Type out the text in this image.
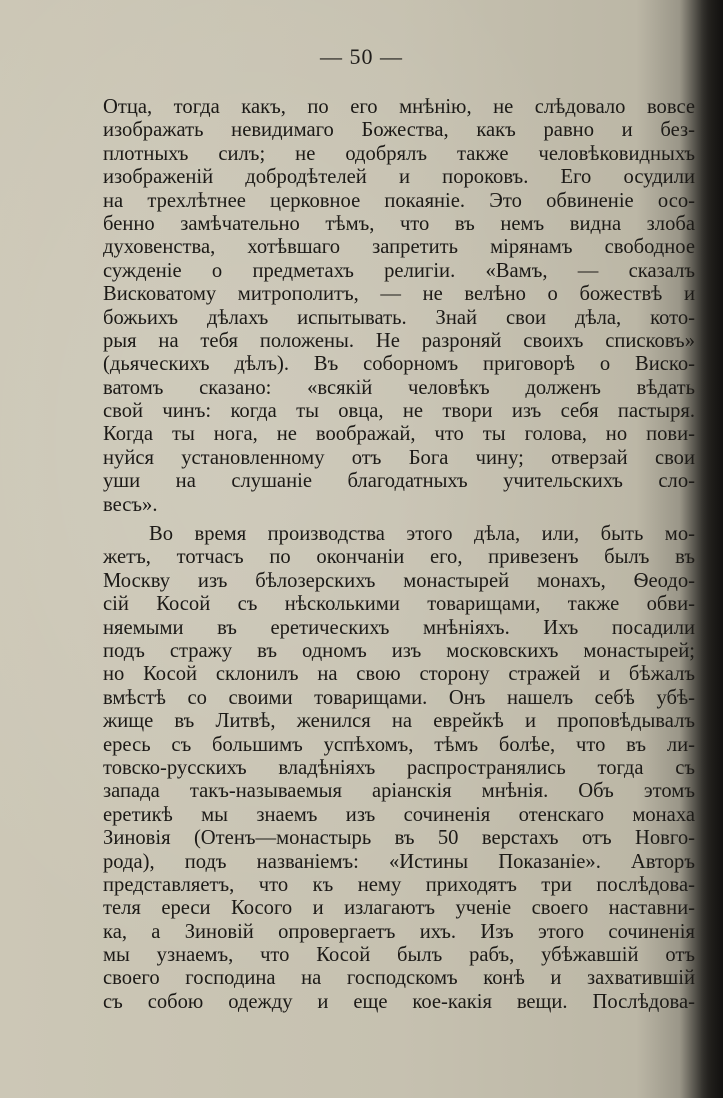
— 50 —
Отца, тогда какъ, по его мнѣнію, не слѣдовало вовсе
изображать невидимаго Божества, какъ равно и без-
плотныхъ силъ; не одобрялъ также человѣковидныхъ
изображеній добродѣтелей и пороковъ. Его осудили
на трехлѣтнее церковное покаяніе. Это обвиненіе осо-
бенно замѣчательно тѣмъ, что въ немъ видна злоба
духовенства, хотѣвшаго запретить мірянамъ свободное
сужденіе о предметахъ религіи. «Вамъ, — сказалъ
Висковатому митрополитъ, — не велѣно о божествѣ и
божьихъ дѣлахъ испытывать. Знай свои дѣла, кото-
рыя на тебя положены. Не разроняй своихъ списковъ»
(дьяческихъ дѣлъ). Въ соборномъ приговорѣ о Виско-
ватомъ сказано: «всякій человѣкъ долженъ вѣдать
свой чинъ: когда ты овца, не твори изъ себя пастыря.
Когда ты нога, не воображай, что ты голова, но пови-
нуйся установленному отъ Бога чину; отверзай свои
уши на слушаніе благодатныхъ учительскихъ сло-
весъ».
Во время производства этого дѣла, или, быть мо-
жетъ, тотчасъ по окончаніи его, привезенъ былъ въ
Москву изъ бѣлозерскихъ монастырей монахъ, Ѳеодо-
сій Косой съ нѣсколькими товарищами, также обви-
няемыми въ еретическихъ мнѣніяхъ. Ихъ посадили
подъ стражу въ одномъ изъ московскихъ монастырей;
но Косой склонилъ на свою сторону стражей и бѣжалъ
вмѣстѣ со своими товарищами. Онъ нашелъ себѣ убѣ-
жище въ Литвѣ, женился на еврейкѣ и проповѣдывалъ
ересь съ большимъ успѣхомъ, тѣмъ болѣе, что въ ли-
товско-русскихъ владѣніяхъ распространялись тогда съ
запада такъ-называемыя аріанскія мнѣнія. Объ этомъ
еретикѣ мы знаемъ изъ сочиненія отенскаго монаха
Зиновія (Отенъ—монастырь въ 50 верстахъ отъ Новго-
рода), подъ названіемъ: «Истины Показаніе». Авторъ
представляетъ, что къ нему приходятъ три послѣдова-
теля ереси Косого и излагаютъ ученіе своего наставни-
ка, а Зиновій опровергаетъ ихъ. Изъ этого сочиненія
мы узнаемъ, что Косой былъ рабъ, убѣжавшій отъ
своего господина на господскомъ конѣ и захватившій
съ собою одежду и еще кое-какія вещи. Послѣдова-
